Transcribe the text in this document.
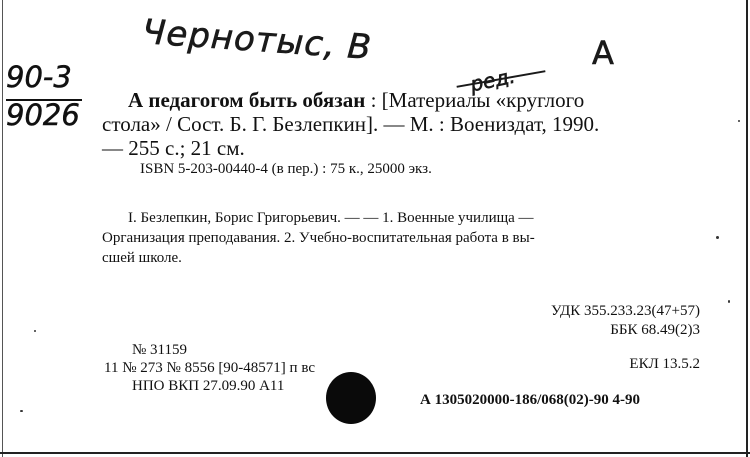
Чернотыс, В	А
ред.
90-3
9026 А педагогом быть обязан : [Материалы «круглого
стола» / Сост. Б. Г. Безлепкин]. — М. : Воениздат, 1990.
— 255 с.; 21 см.
ISBN 5-203-00440-4 (в пер.) : 75 к., 25000 экз.
I. Безлепкин, Борис Григорьевич. — — 1. Военные училища —
Организация преподавания. 2. Учебно-воспитательная работа в вы-
сшей школе.
УДК 355.233.23(47+57)
ББК 68.49(2)3
ЕКЛ 13.5.2
№ 31159
11 № 273 № 8556 [90-48571] п вс
НПО ВКП 27.09.90 А11
А 1305020000-186/068(02)-90 4-90
